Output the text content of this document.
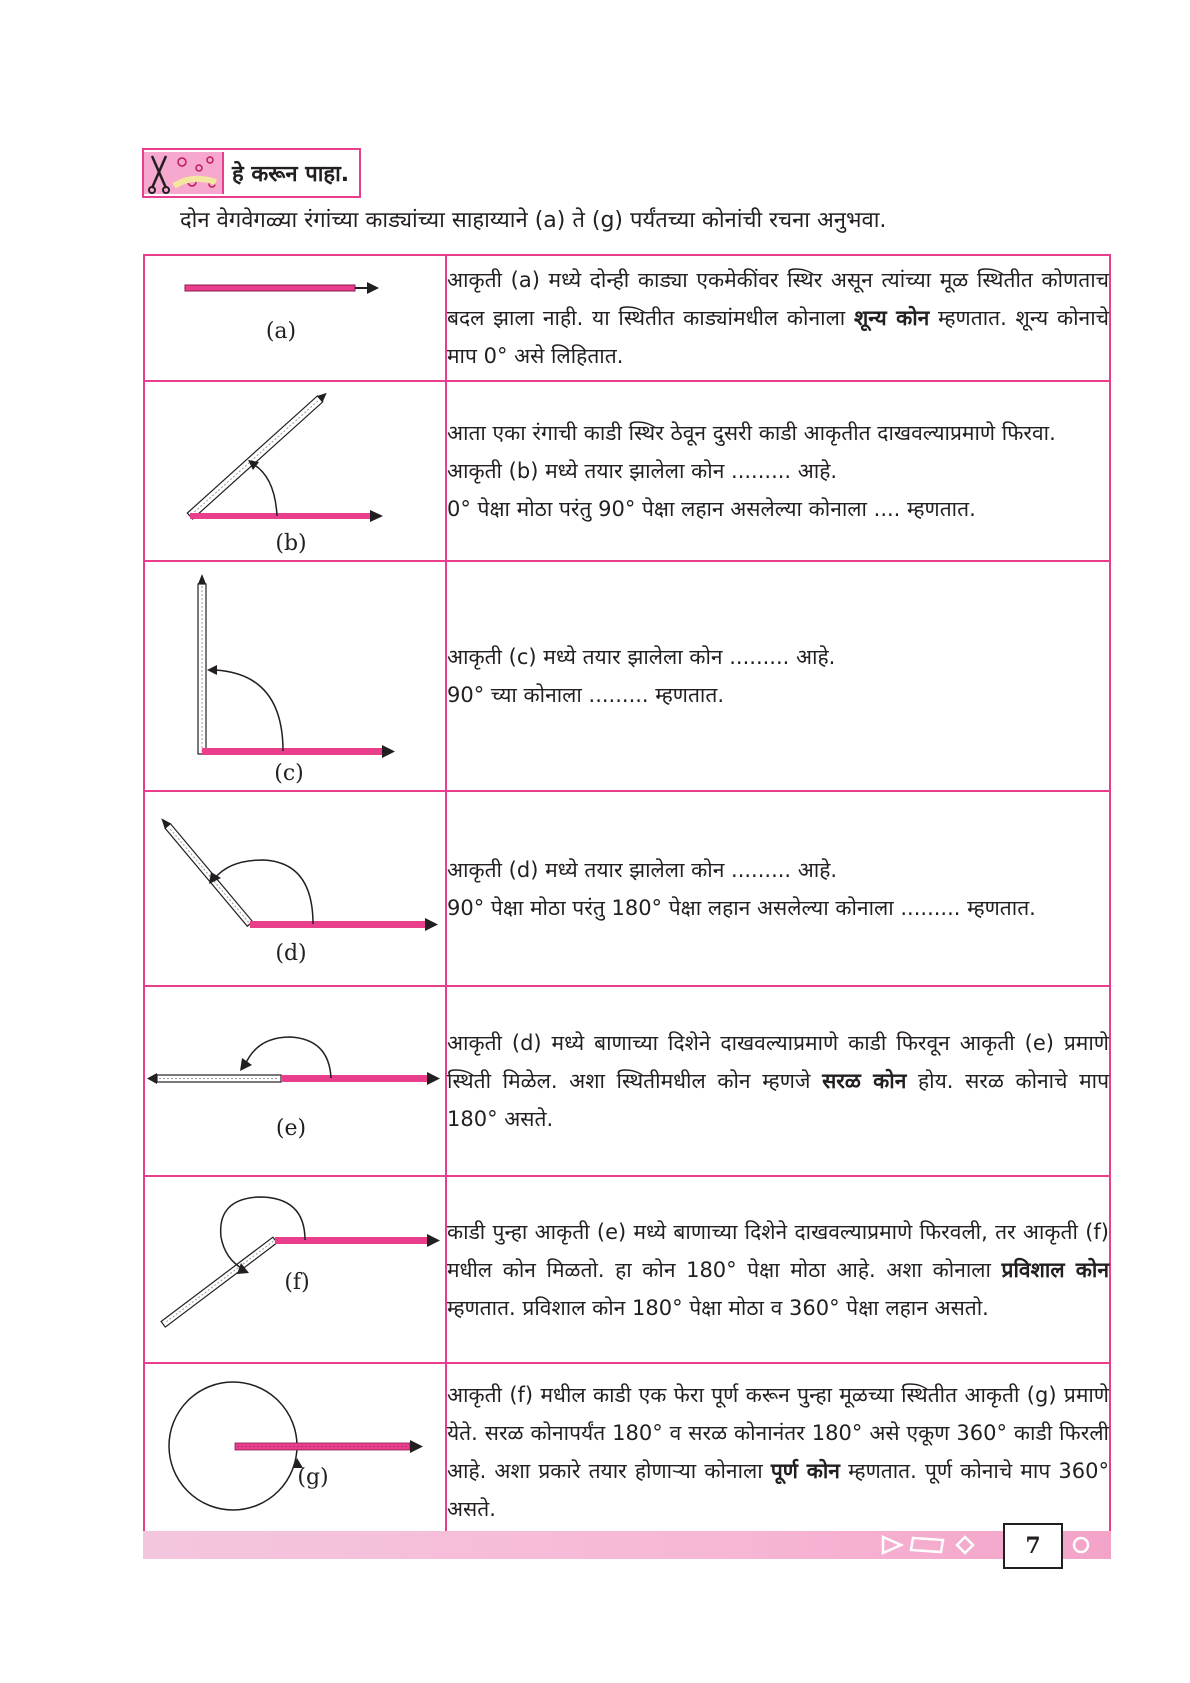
हे करून पाहा.
दोन वेगवेगळ्या रंगांच्या काड्यांच्या साहाय्याने (a) ते (g) पर्यंतच्या कोनांची रचना अनुभवा.
(a)	आकृती (a) मध्ये दोन्ही काड्या एकमेकींवर स्थिर असून त्यांच्या मूळ स्थितीत कोणताच बदल झाला नाही. या स्थितीत काड्यांमधील कोनाला शून्य कोन म्हणतात. शून्य कोनाचे माप 0° असे लिहितात.

(b)	आता एका रंगाची काडी स्थिर ठेवून दुसरी काडी आकृतीत दाखवल्याप्रमाणे फिरवा.

आकृती (b) मध्ये तयार झालेला कोन ......... आहे.

0° पेक्षा मोठा परंतु 90° पेक्षा लहान असलेल्या कोनाला .... म्हणतात.

(c)	आकृती (c) मध्ये तयार झालेला कोन ......... आहे.

90° च्या कोनाला ......... म्हणतात.

(d)	आकृती (d) मध्ये तयार झालेला कोन ......... आहे.

90° पेक्षा मोठा परंतु 180° पेक्षा लहान असलेल्या कोनाला ......... म्हणतात.

(e)	आकृती (d) मध्ये बाणाच्या दिशेने दाखवल्याप्रमाणे काडी फिरवून आकृती (e) प्रमाणे स्थिती मिळेल. अशा स्थितीमधील कोन म्हणजे सरळ कोन होय. सरळ कोनाचे माप 180° असते.

(f)	काडी पुन्हा आकृती (e) मध्ये बाणाच्या दिशेने दाखवल्याप्रमाणे फिरवली, तर आकृती (f) मधील कोन मिळतो. हा कोन 180° पेक्षा मोठा आहे. अशा कोनाला प्रविशाल कोन म्हणतात. प्रविशाल कोन 180° पेक्षा मोठा व 360° पेक्षा लहान असतो.

(g)	आकृती (f) मधील काडी एक फेरा पूर्ण करून पुन्हा मूळच्या स्थितीत आकृती (g) प्रमाणे येते. सरळ कोनापर्यंत 180° व सरळ कोनानंतर 180° असे एकूण 360° काडी फिरली आहे. अशा प्रकारे तयार होणाऱ्या कोनाला पूर्ण कोन म्हणतात. पूर्ण कोनाचे माप 360° असते.

7
